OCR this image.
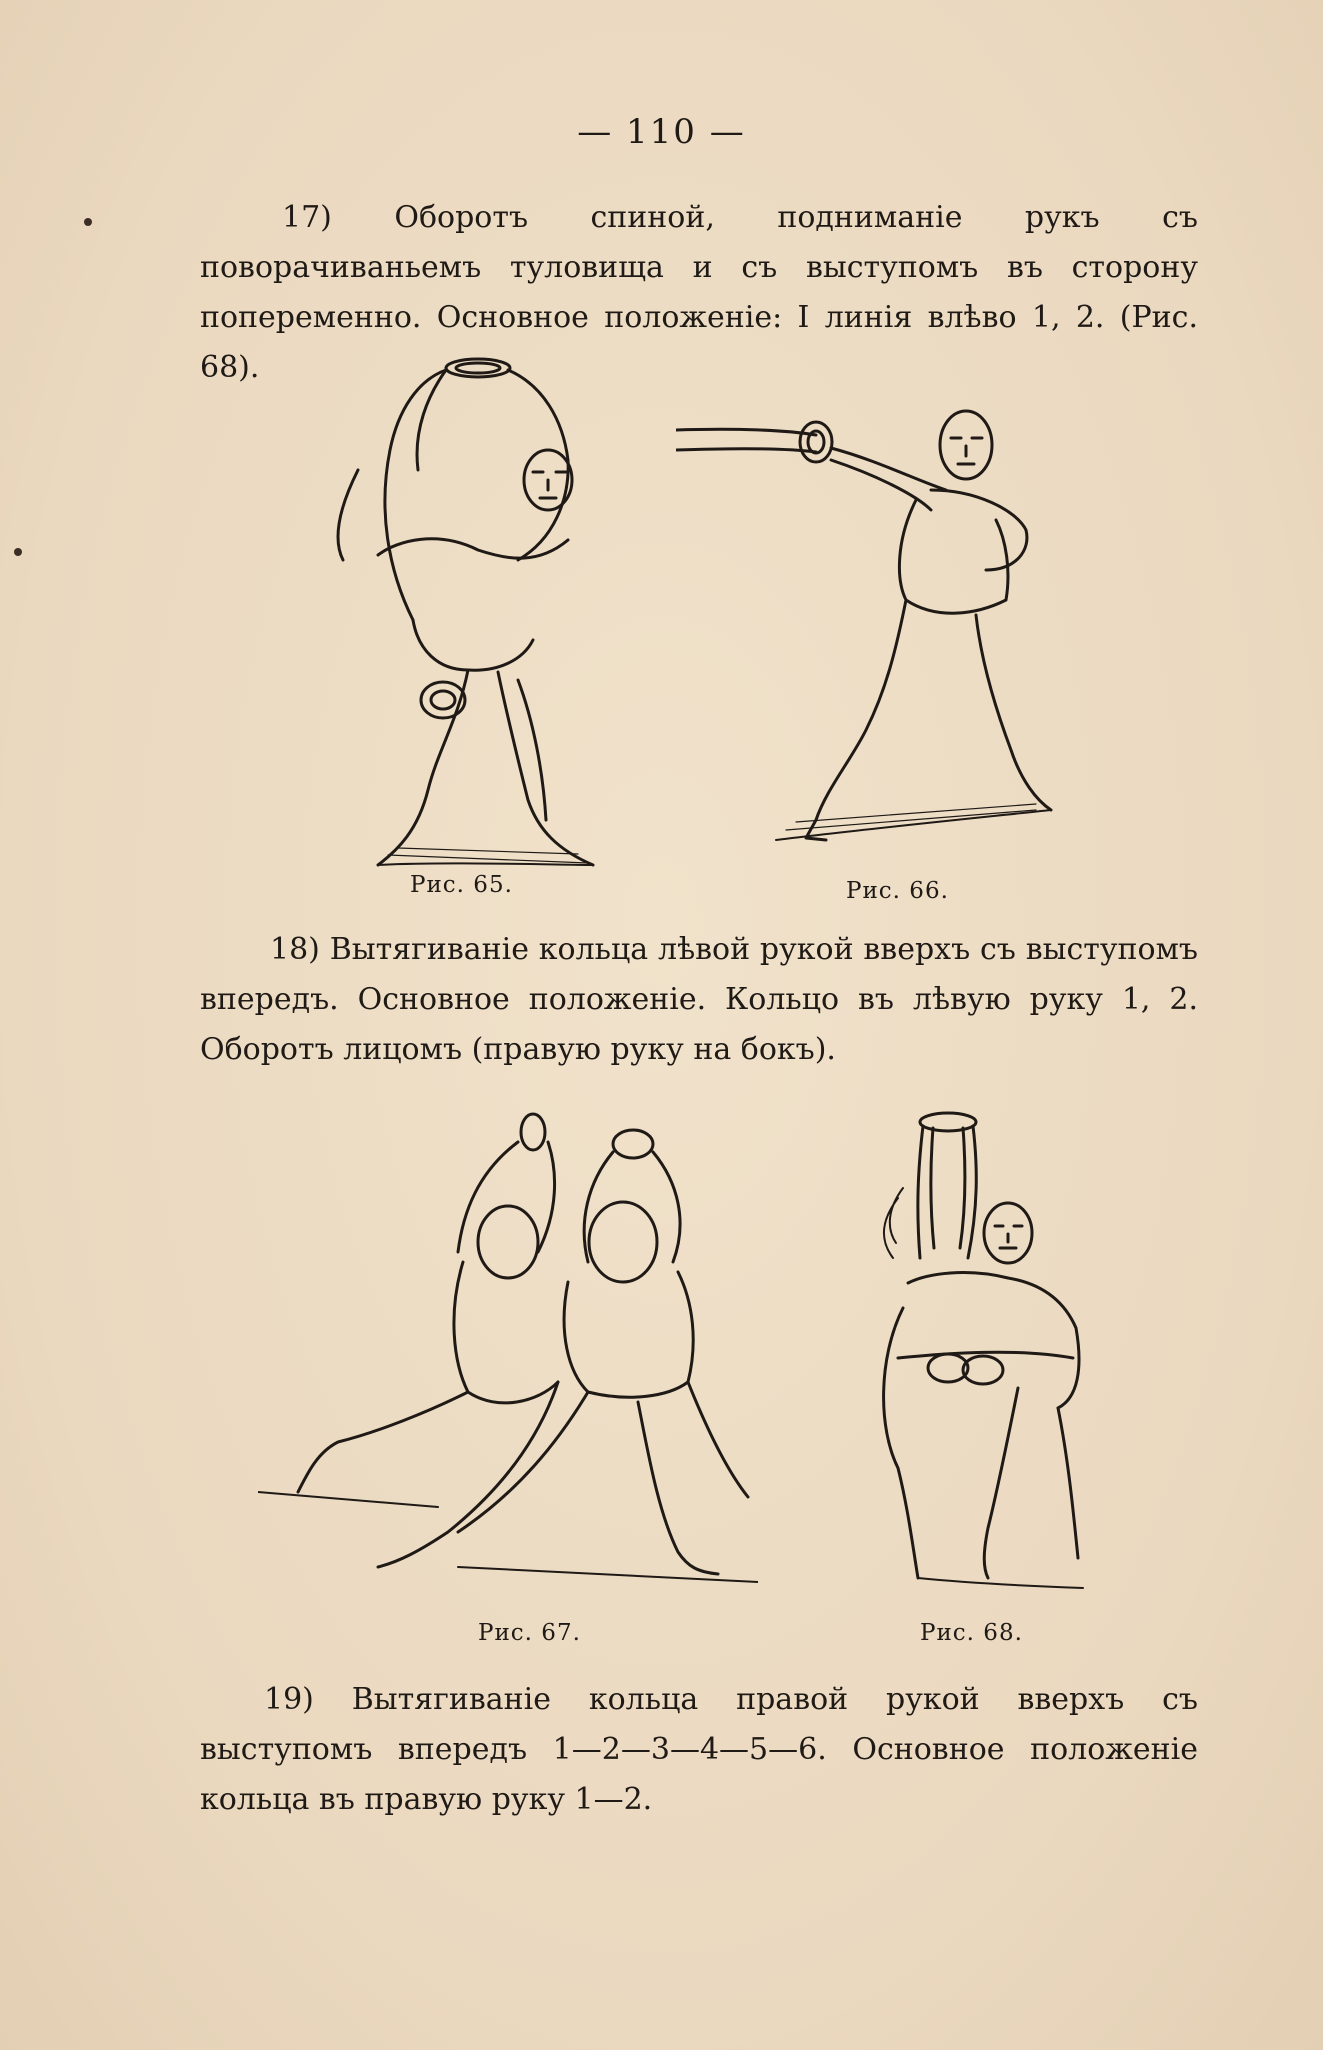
— 110 —

17) Оборотъ спиной, подниманіе рукъ съ поворачиваньемъ туловища и съ выступомъ въ сторону попеременно. Основное положеніе: I линія влѣво 1, 2. (Рис. 68).

Рис. 65.	Рис. 66.

18) Вытягиваніе кольца лѣвой рукой вверхъ съ выступомъ впередъ. Основное положеніе. Кольцо въ лѣвую руку 1, 2. Оборотъ лицомъ (правую руку на бокъ).

Рис. 67.	Рис. 68.

19) Вытягиваніе кольца правой рукой вверхъ съ выступомъ впередъ 1—2—3—4—5—6. Основное положеніе кольца въ правую руку 1—2.
